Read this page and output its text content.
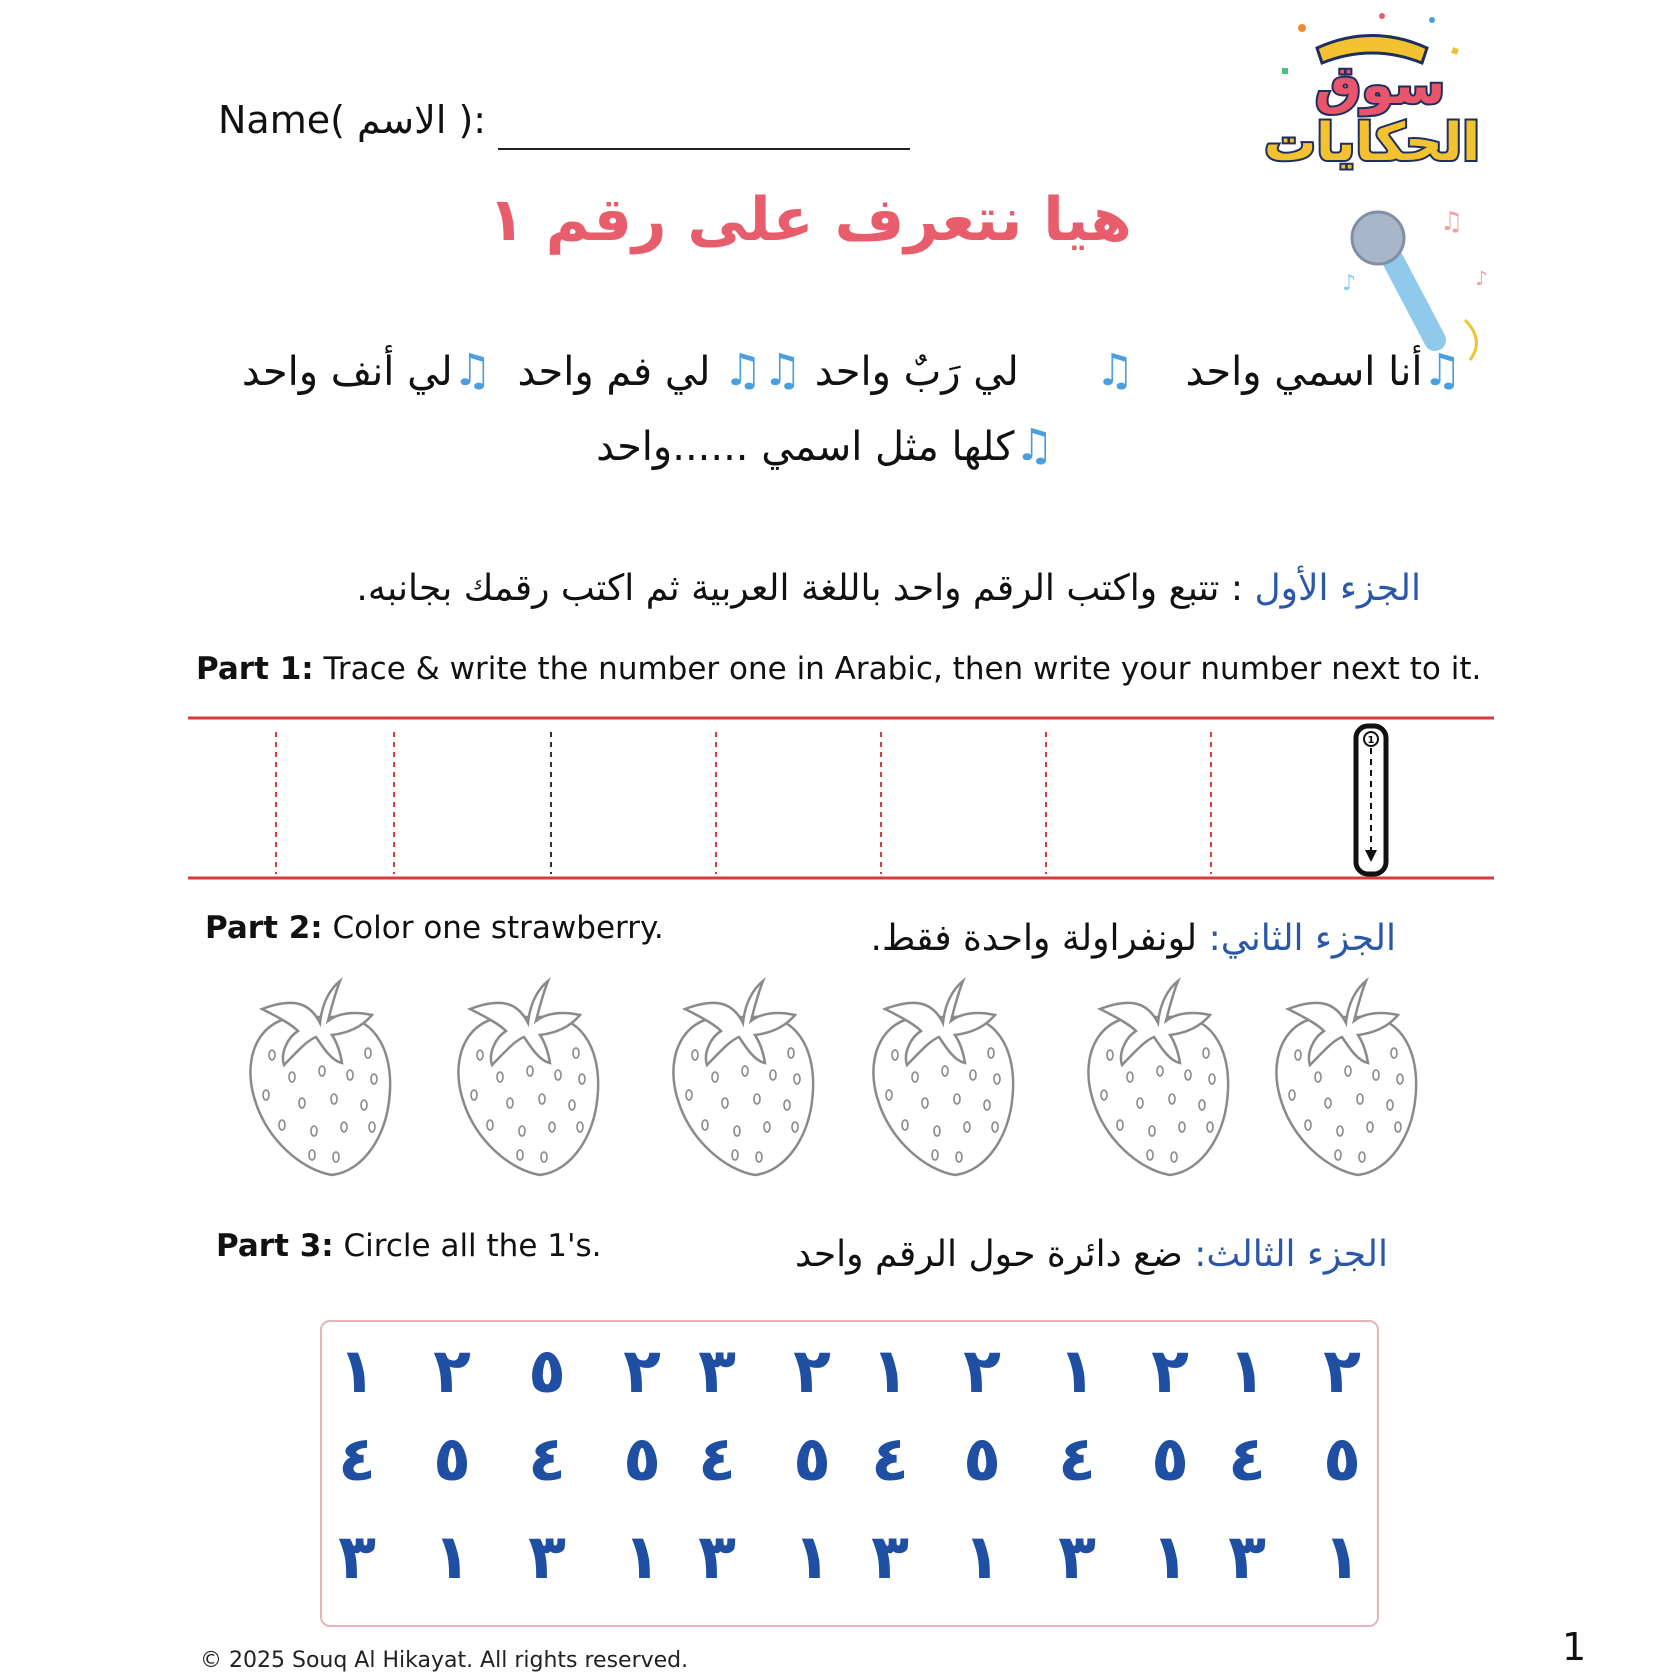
Name( الاسم ):
سوق
الحكايات
هيا نتعرف على رقم ١	♫
♪	♪
♫أنا اسمي واحد    ♫      لي رَبٌ واحد ♫♫ لي فم واحد  ♫لي أنف واحد
♫كلها مثل اسمي ......واحد
الجزء الأول : تتبع واكتب الرقم واحد باللغة العربية ثم اكتب رقمك بجانبه.
Part 1: Trace & write the number one in Arabic, then write your number next to it.
1
Part 2: Color one strawberry.	الجزء الثاني: لونفراولة واحدة فقط.
Part 3: Circle all the 1's.	الجزء الثالث: ضع دائرة حول الرقم واحد
١ ٢ ٥ ٢ ٣ ٢ ١ ٢ ١ ٢ ١ ٢
٤ ٥ ٤ ٥ ٤ ٥ ٤ ٥ ٤ ٥ ٤ ٥
٣ ١ ٣ ١ ٣ ١ ٣ ١ ٣ ١ ٣ ١
© 2025 Souq Al Hikayat. All rights reserved.	1
